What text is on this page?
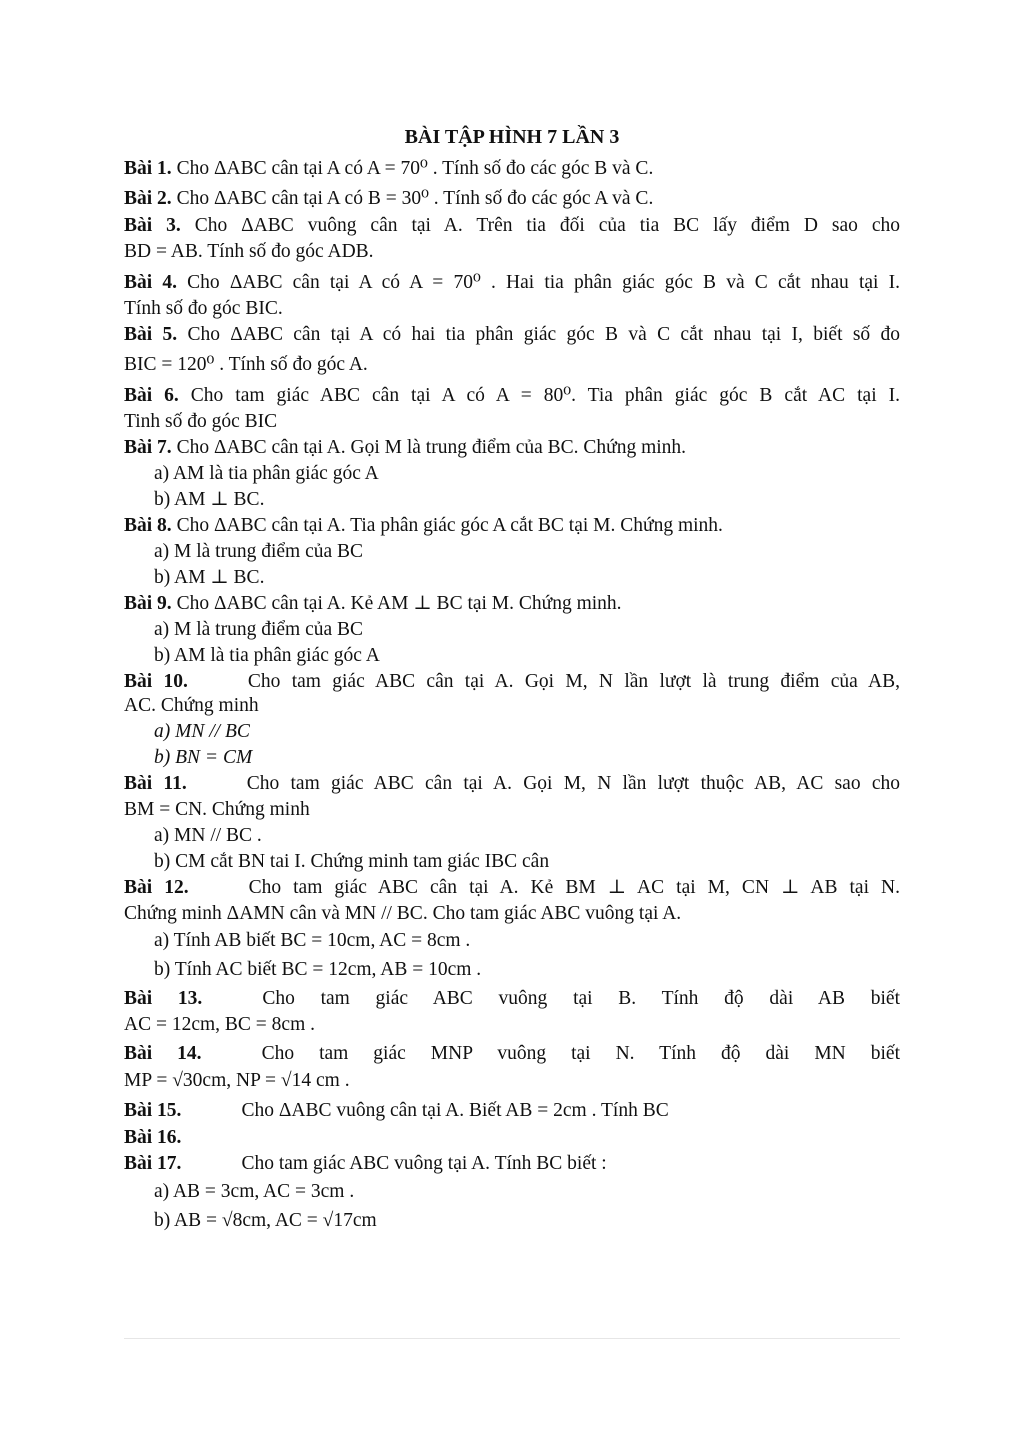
BÀI TẬP HÌNH 7 LẦN 3
Bài 1. Cho ΔABC cân tại A có A = 70⁰ . Tính số đo các góc B và C.
Bài 2. Cho ΔABC cân tại A có B = 30⁰ . Tính số đo các góc A và C.
Bài 3. Cho ΔABC vuông cân tại A. Trên tia đối của tia BC lấy điểm D sao cho
BD = AB. Tính số đo góc ADB.
Bài 4. Cho ΔABC cân tại A có A = 70⁰ . Hai tia phân giác góc B và C cắt nhau tại I.
Tính số đo góc BIC.
Bài 5. Cho ΔABC cân tại A có hai tia phân giác góc B và C cắt nhau tại I, biết số đo
BIC = 120⁰ . Tính số đo góc A.
Bài 6. Cho tam giác ABC cân tại A có A = 80⁰. Tia phân giác góc B cắt AC tại I.
Tinh số đo góc BIC
Bài 7. Cho ΔABC cân tại A. Gọi M là trung điểm của BC. Chứng minh.
a) AM là tia phân giác góc A
b) AM ⊥ BC.
Bài 8. Cho ΔABC cân tại A. Tia phân giác góc A cắt BC tại M. Chứng minh.
a) M là trung điểm của BC
b) AM ⊥ BC.
Bài 9. Cho ΔABC cân tại A. Kẻ AM ⊥ BC tại M. Chứng minh.
a) M là trung điểm của BC
b) AM là tia phân giác góc A
Bài 10.	Cho tam giác ABC cân tại A. Gọi M, N lần lượt là trung điểm của AB,
AC. Chứng minh
a) MN // BC
b) BN = CM
Bài 11.	Cho tam giác ABC cân tại A. Gọi M, N lần lượt thuộc AB, AC sao cho
BM = CN. Chứng minh
a) MN // BC .
b) CM cắt BN tai I. Chứng minh tam giác IBC cân
Bài 12.	Cho tam giác ABC cân tại A. Kẻ BM ⊥ AC tại M, CN ⊥ AB tại N.
Chứng minh ΔAMN cân và MN // BC. Cho tam giác ABC vuông tại A.
a) Tính AB biết BC = 10cm, AC = 8cm .
b) Tính AC biết BC = 12cm, AB = 10cm .
Bài 13.	Cho tam giác ABC vuông tại B. Tính độ dài AB biết
AC = 12cm, BC = 8cm .
Bài 14.	Cho tam giác MNP vuông tại N. Tính độ dài MN biết
MP = √30cm, NP = √14 cm .
Bài 15.	Cho ΔABC vuông cân tại A. Biết AB = 2cm . Tính BC
Bài 16.
Bài 17.	Cho tam giác ABC vuông tại A. Tính BC biết :
a) AB = 3cm, AC = 3cm .
b) AB = √8cm, AC = √17cm
